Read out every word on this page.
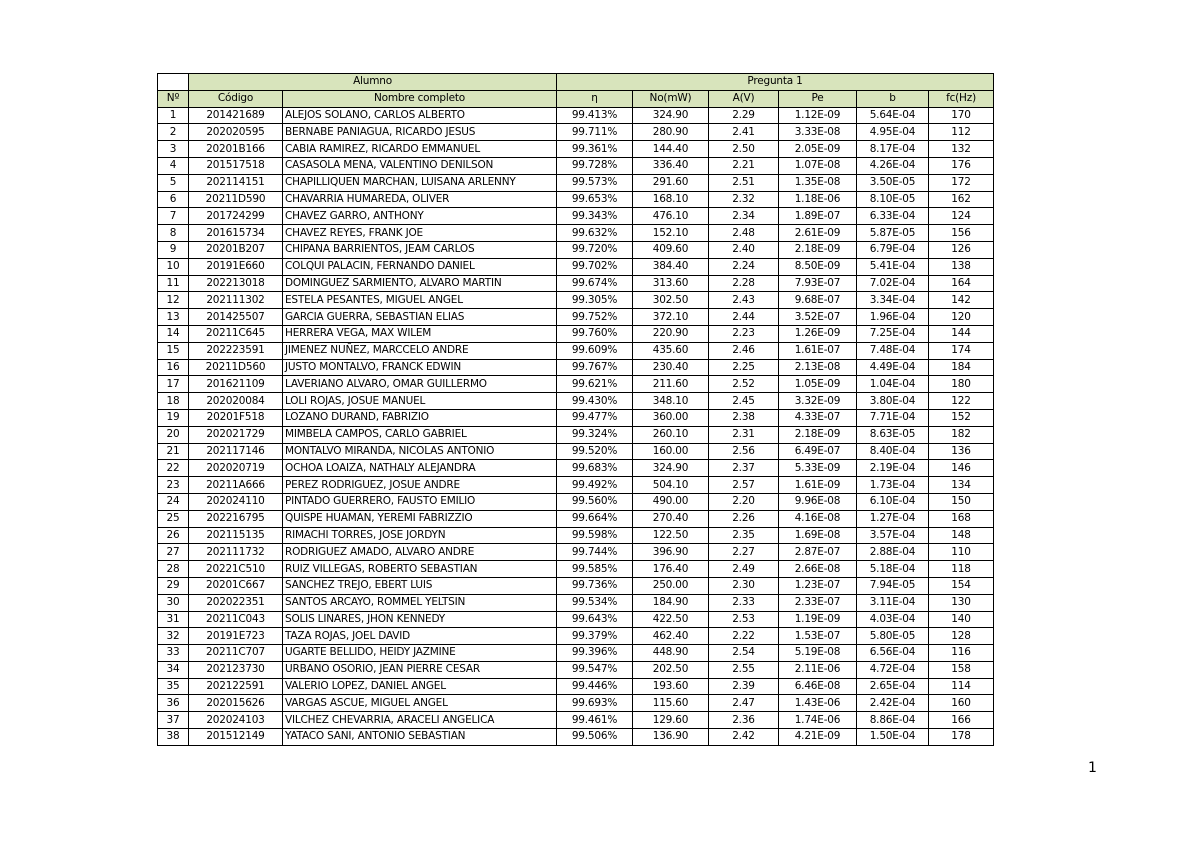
	Alumno		Pregunta 1					
Nº	Código	Nombre completo	η	No(mW)	A(V)	Pe	b	fc(Hz)
1	201421689	ALEJOS SOLANO, CARLOS ALBERTO	99.413%	324.90	2.29	1.12E-09	5.64E-04	170
2	202020595	BERNABE PANIAGUA, RICARDO JESUS	99.711%	280.90	2.41	3.33E-08	4.95E-04	112
3	20201B166	CABIA RAMIREZ, RICARDO EMMANUEL	99.361%	144.40	2.50	2.05E-09	8.17E-04	132
4	201517518	CASASOLA MENA, VALENTINO DENILSON	99.728%	336.40	2.21	1.07E-08	4.26E-04	176
5	202114151	CHAPILLIQUEN MARCHAN, LUISANA ARLENNY	99.573%	291.60	2.51	1.35E-08	3.50E-05	172
6	20211D590	CHAVARRIA HUMAREDA, OLIVER	99.653%	168.10	2.32	1.18E-06	8.10E-05	162
7	201724299	CHAVEZ GARRO, ANTHONY	99.343%	476.10	2.34	1.89E-07	6.33E-04	124
8	201615734	CHAVEZ REYES, FRANK JOE	99.632%	152.10	2.48	2.61E-09	5.87E-05	156
9	20201B207	CHIPANA BARRIENTOS, JEAM CARLOS	99.720%	409.60	2.40	2.18E-09	6.79E-04	126
10	20191E660	COLQUI PALACIN, FERNANDO DANIEL	99.702%	384.40	2.24	8.50E-09	5.41E-04	138
11	202213018	DOMINGUEZ SARMIENTO, ALVARO MARTIN	99.674%	313.60	2.28	7.93E-07	7.02E-04	164
12	202111302	ESTELA PESANTES, MIGUEL ANGEL	99.305%	302.50	2.43	9.68E-07	3.34E-04	142
13	201425507	GARCIA GUERRA, SEBASTIAN ELIAS	99.752%	372.10	2.44	3.52E-07	1.96E-04	120
14	20211C645	HERRERA VEGA, MAX WILEM	99.760%	220.90	2.23	1.26E-09	7.25E-04	144
15	202223591	JIMENEZ NUÑEZ, MARCCELO ANDRE	99.609%	435.60	2.46	1.61E-07	7.48E-04	174
16	20211D560	JUSTO MONTALVO, FRANCK EDWIN	99.767%	230.40	2.25	2.13E-08	4.49E-04	184
17	201621109	LAVERIANO ALVARO, OMAR GUILLERMO	99.621%	211.60	2.52	1.05E-09	1.04E-04	180
18	202020084	LOLI ROJAS, JOSUE MANUEL	99.430%	348.10	2.45	3.32E-09	3.80E-04	122
19	20201F518	LOZANO DURAND, FABRIZIO	99.477%	360.00	2.38	4.33E-07	7.71E-04	152
20	202021729	MIMBELA CAMPOS, CARLO GABRIEL	99.324%	260.10	2.31	2.18E-09	8.63E-05	182
21	202117146	MONTALVO MIRANDA, NICOLAS ANTONIO	99.520%	160.00	2.56	6.49E-07	8.40E-04	136
22	202020719	OCHOA LOAIZA, NATHALY ALEJANDRA	99.683%	324.90	2.37	5.33E-09	2.19E-04	146
23	20211A666	PEREZ RODRIGUEZ, JOSUE ANDRE	99.492%	504.10	2.57	1.61E-09	1.73E-04	134
24	202024110	PINTADO GUERRERO, FAUSTO EMILIO	99.560%	490.00	2.20	9.96E-08	6.10E-04	150
25	202216795	QUISPE HUAMAN, YEREMI FABRIZZIO	99.664%	270.40	2.26	4.16E-08	1.27E-04	168
26	202115135	RIMACHI TORRES, JOSE JORDYN	99.598%	122.50	2.35	1.69E-08	3.57E-04	148
27	202111732	RODRIGUEZ AMADO, ALVARO ANDRE	99.744%	396.90	2.27	2.87E-07	2.88E-04	110
28	20221C510	RUIZ VILLEGAS, ROBERTO SEBASTIAN	99.585%	176.40	2.49	2.66E-08	5.18E-04	118
29	20201C667	SANCHEZ TREJO, EBERT LUIS	99.736%	250.00	2.30	1.23E-07	7.94E-05	154
30	202022351	SANTOS ARCAYO, ROMMEL YELTSIN	99.534%	184.90	2.33	2.33E-07	3.11E-04	130
31	20211C043	SOLIS LINARES, JHON KENNEDY	99.643%	422.50	2.53	1.19E-09	4.03E-04	140
32	20191E723	TAZA ROJAS, JOEL DAVID	99.379%	462.40	2.22	1.53E-07	5.80E-05	128
33	20211C707	UGARTE BELLIDO, HEIDY JAZMINE	99.396%	448.90	2.54	5.19E-08	6.56E-04	116
34	202123730	URBANO OSORIO, JEAN PIERRE CESAR	99.547%	202.50	2.55	2.11E-06	4.72E-04	158
35	202122591	VALERIO LOPEZ, DANIEL ANGEL	99.446%	193.60	2.39	6.46E-08	2.65E-04	114
36	202015626	VARGAS ASCUE, MIGUEL ANGEL	99.693%	115.60	2.47	1.43E-06	2.42E-04	160
37	202024103	VILCHEZ CHEVARRIA, ARACELI ANGELICA	99.461%	129.60	2.36	1.74E-06	8.86E-04	166
38	201512149	YATACO SANI, ANTONIO SEBASTIAN	99.506%	136.90	2.42	4.21E-09	1.50E-04	178
1
